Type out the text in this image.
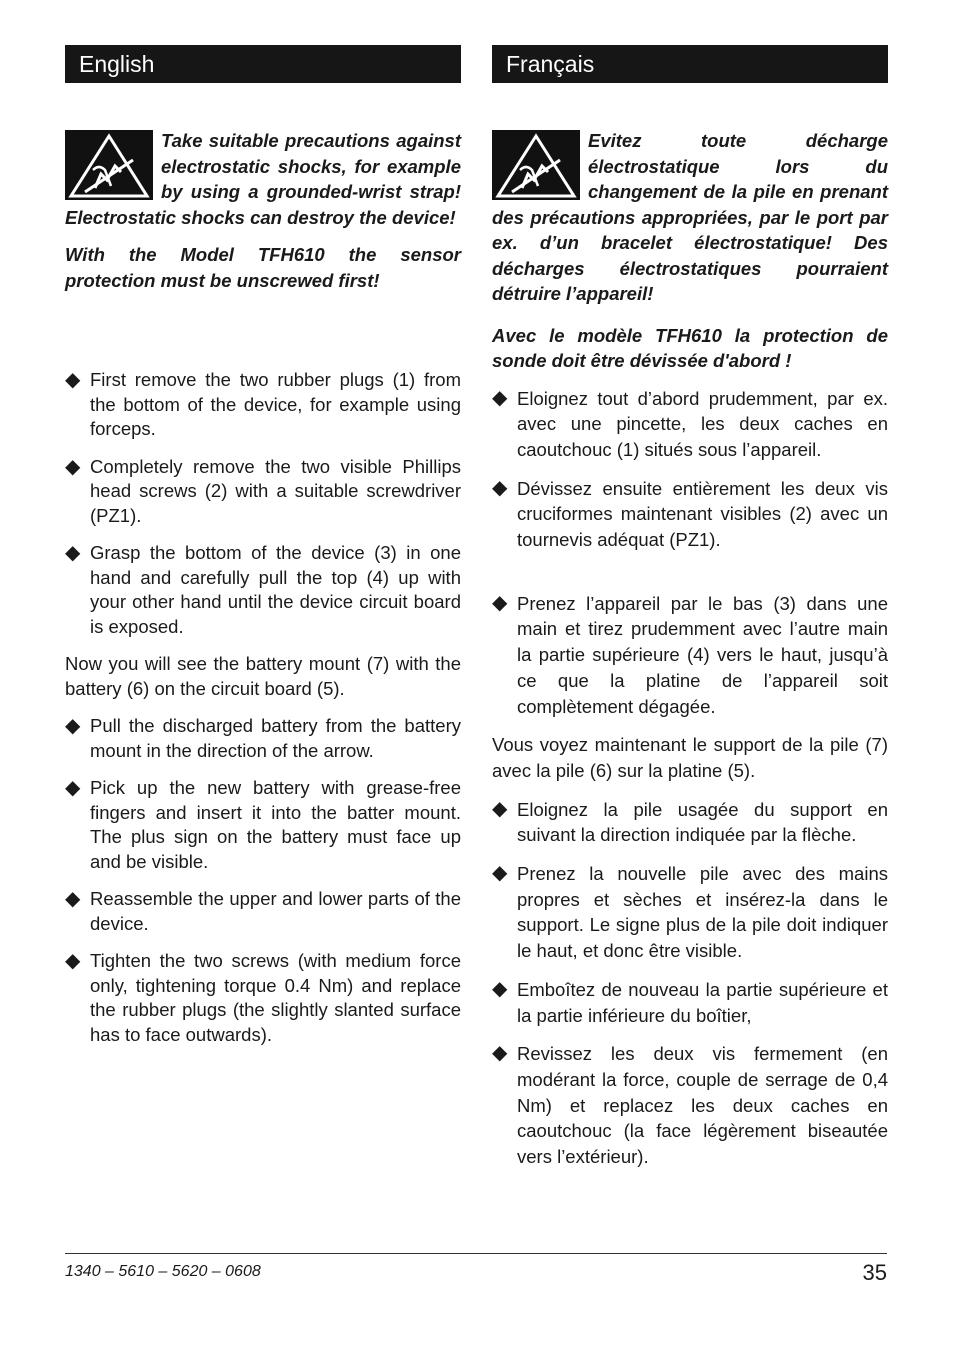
English
Take suitable precautions against electrostatic shocks, for example by using a grounded-wrist strap! Electrostatic shocks can destroy the device!
With the Model TFH610 the sensor protection must be unscrewed first!
◆ First remove the two rubber plugs (1) from the bottom of the device, for example using forceps.
◆ Completely remove the two visible Phillips head screws (2) with a suitable screwdriver (PZ1).
◆ Grasp the bottom of the device (3) in one hand and carefully pull the top (4) up with your other hand until the device circuit board is exposed.

Now you will see the battery mount (7) with the battery (6) on the circuit board (5).

◆ Pull the discharged battery from the battery mount in the direction of the arrow.
◆ Pick up the new battery with grease-free fingers and insert it into the batter mount. The plus sign on the battery must face up and be visible.
◆ Reassemble the upper and lower parts of the device.
◆ Tighten the two screws (with medium force only, tightening torque 0.4 Nm) and replace the rubber plugs (the slightly slanted surface has to face outwards).
Français
Evitez toute décharge électrostatique lors du changement de la pile en prenant des précautions appropriées, par le port par ex. d’un bracelet électrostatique! Des décharges électrostatiques pourraient détruire l’appareil!
Avec le modèle TFH610 la protection de sonde doit être dévissée d'abord !
◆ Eloignez tout d’abord prudemment, par ex. avec une pincette, les deux caches en caoutchouc (1) situés sous l’appareil.
◆ Dévissez ensuite entièrement les deux vis cruciformes maintenant visibles (2) avec un tournevis adéquat (PZ1).
◆ Prenez l’appareil par le bas (3) dans une main et tirez prudemment avec l’autre main la partie supérieure (4) vers le haut, jusqu’à ce que la platine de l’appareil soit complètement dégagée.

Vous voyez maintenant le support de la pile (7) avec la pile (6) sur la platine (5).

◆ Eloignez la pile usagée du support en suivant la direction indiquée par la flèche.
◆ Prenez la nouvelle pile avec des mains propres et sèches et insérez-la dans le support. Le signe plus de la pile doit indiquer le haut, et donc être visible.
◆ Emboîtez de nouveau la partie supérieure et la partie inférieure du boîtier,
◆ Revissez les deux vis fermement (en modérant la force, couple de serrage de 0,4 Nm) et replacez les deux caches en caoutchouc (la face légèrement biseautée vers l’extérieur).
1340 – 5610 – 5620 – 0608	35
